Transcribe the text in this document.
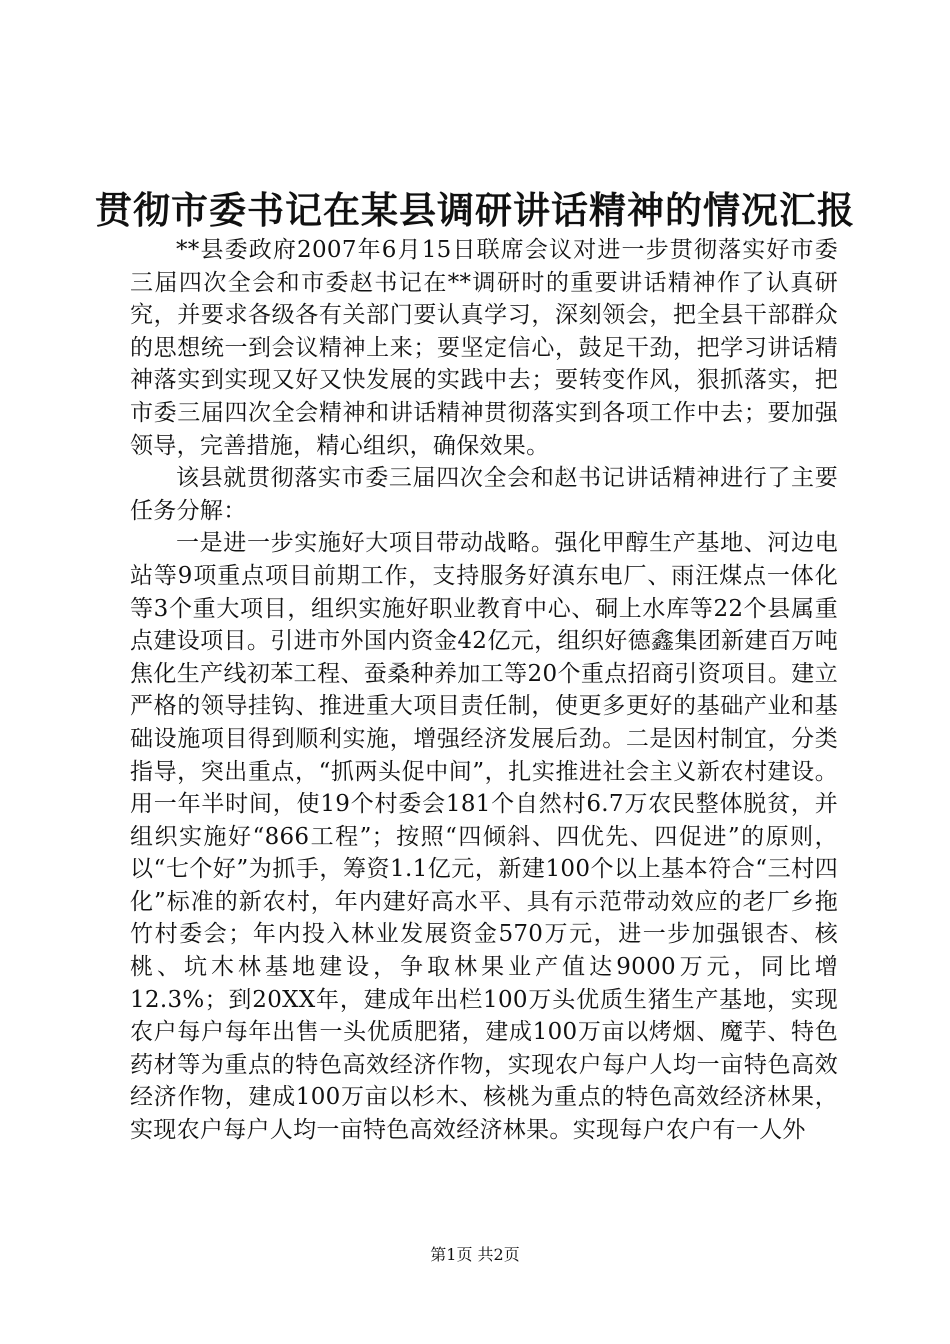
贯彻市委书记在某县调研讲话精神的情况汇报

**县委政府2007年6月15日联席会议对进一步贯彻落实好市委三届四次全会和市委赵书记在**调研时的重要讲话精神作了认真研究，并要求各级各有关部门要认真学习，深刻领会，把全县干部群众的思想统一到会议精神上来；要坚定信心，鼓足干劲，把学习讲话精神落实到实现又好又快发展的实践中去；要转变作风，狠抓落实，把市委三届四次全会精神和讲话精神贯彻落实到各项工作中去；要加强领导，完善措施，精心组织，确保效果。

该县就贯彻落实市委三届四次全会和赵书记讲话精神进行了主要任务分解：

一是进一步实施好大项目带动战略。强化甲醇生产基地、河边电站等9项重点项目前期工作，支持服务好滇东电厂、雨汪煤点一体化等3个重大项目，组织实施好职业教育中心、硐上水库等22个县属重点建设项目。引进市外国内资金42亿元，组织好德鑫集团新建百万吨焦化生产线初苯工程、蚕桑种养加工等20个重点招商引资项目。建立严格的领导挂钩、推进重大项目责任制，使更多更好的基础产业和基础设施项目得到顺利实施，增强经济发展后劲。二是因村制宜，分类指导，突出重点，“抓两头促中间”，扎实推进社会主义新农村建设。用一年半时间，使19个村委会181个自然村6.7万农民整体脱贫，并组织实施好“866工程”；按照“四倾斜、四优先、四促进”的原则，以“七个好”为抓手，筹资1.1亿元，新建100个以上基本符合“三村四化”标准的新农村，年内建好高水平、具有示范带动效应的老厂乡拖竹村委会；年内投入林业发展资金570万元，进一步加强银杏、核桃、坑木林基地建设，争取林果业产值达9000万元，同比增12.3%；到20XX年，建成年出栏100万头优质生猪生产基地，实现农户每户每年出售一头优质肥猪，建成100万亩以烤烟、魔芋、特色药材等为重点的特色高效经济作物，实现农户每户人均一亩特色高效经济作物，建成100万亩以杉木、核桃为重点的特色高效经济林果，实现农户每户人均一亩特色高效经济林果。实现每户农户有一人外

第1页 共2页
